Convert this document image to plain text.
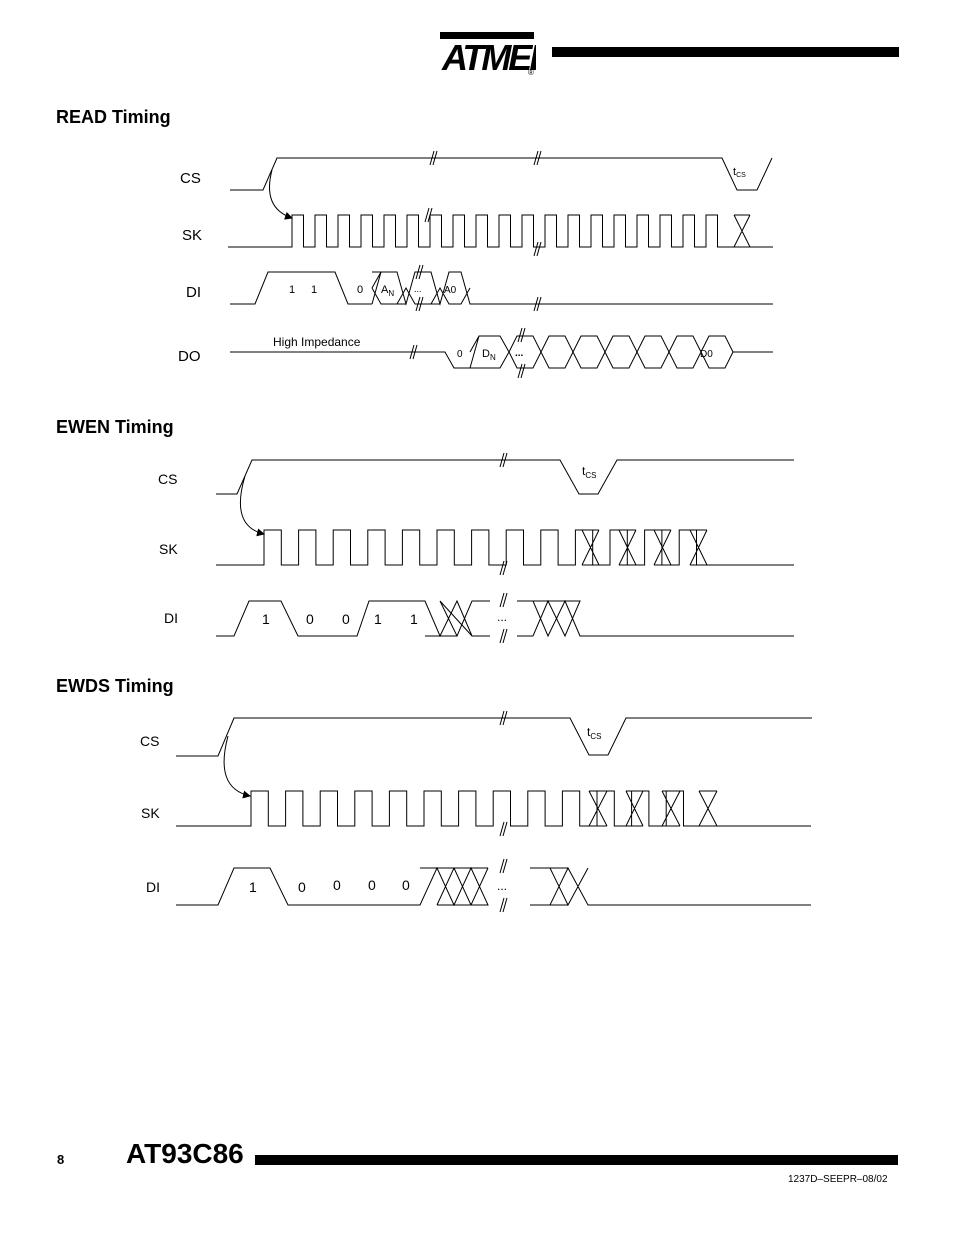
ATME
®
READ Timing
EWEN Timing
EWDS Timing
CS
SK
DI
DO
tCS
1 1	0 $A_N$ ... A0
High Impedance
0 $D_N$ ...	D0
CS
SK
DI
$t_{CS}$
1	0 0 1 1	...
CS
SK
DI
$t_{CS}$
1	0 0 0 0	...
8 AT93C86
1237D–SEEPR–08/02
